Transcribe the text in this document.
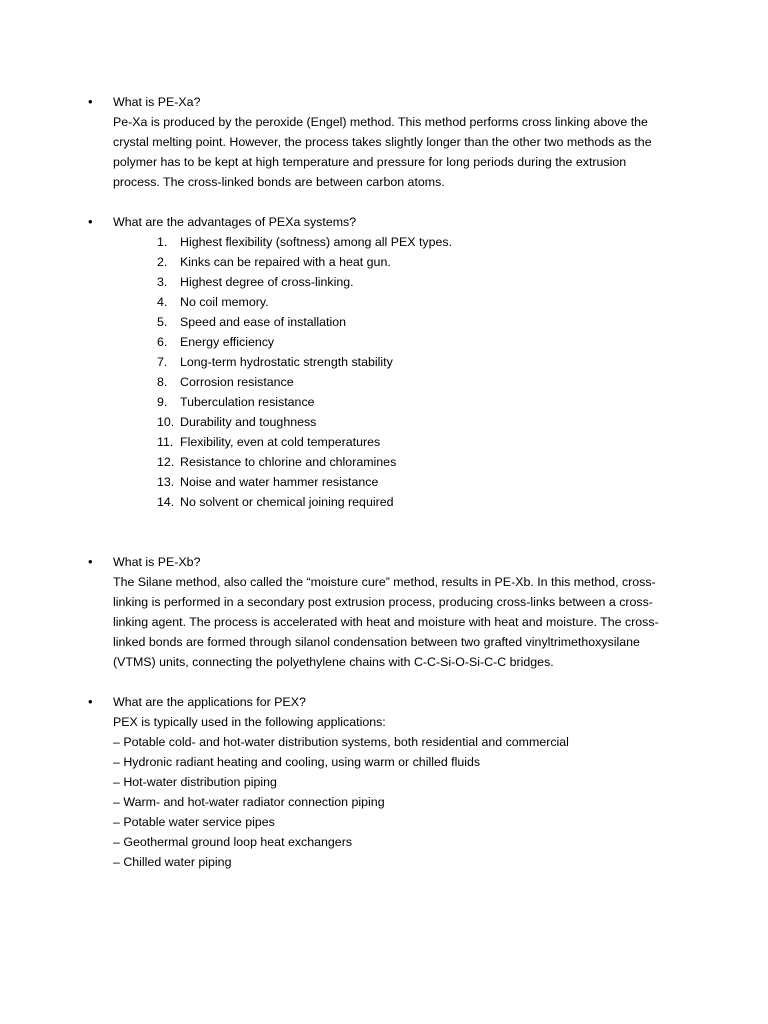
•	What is PE-Xa?
Pe-Xa is produced by the peroxide (Engel) method. This method performs cross linking above the
crystal melting point. However, the process takes slightly longer than the other two methods as the
polymer has to be kept at high temperature and pressure for long periods during the extrusion
process. The cross-linked bonds are between carbon atoms.
•	What are the advantages of PEXa systems?
1.	Highest flexibility (softness) among all PEX types.
2.	Kinks can be repaired with a heat gun.
3.	Highest degree of cross-linking.
4.	No coil memory.
5.	Speed and ease of installation
6.	Energy efficiency
7.	Long-term hydrostatic strength stability
8.	Corrosion resistance
9.	Tuberculation resistance
10. Durability and toughness
11. Flexibility, even at cold temperatures
12. Resistance to chlorine and chloramines
13. Noise and water hammer resistance
14. No solvent or chemical joining required
•	What is PE-Xb?
The Silane method, also called the “moisture cure” method, results in PE-Xb. In this method, cross-
linking is performed in a secondary post extrusion process, producing cross-links between a cross-
linking agent. The process is accelerated with heat and moisture with heat and moisture. The cross-
linked bonds are formed through silanol condensation between two grafted vinyltrimethoxysilane
(VTMS) units, connecting the polyethylene chains with C-C-Si-O-Si-C-C bridges.
•	What are the applications for PEX?
PEX is typically used in the following applications:
– Potable cold- and hot-water distribution systems, both residential and commercial
– Hydronic radiant heating and cooling, using warm or chilled fluids
– Hot-water distribution piping
– Warm- and hot-water radiator connection piping
– Potable water service pipes
– Geothermal ground loop heat exchangers
– Chilled water piping
